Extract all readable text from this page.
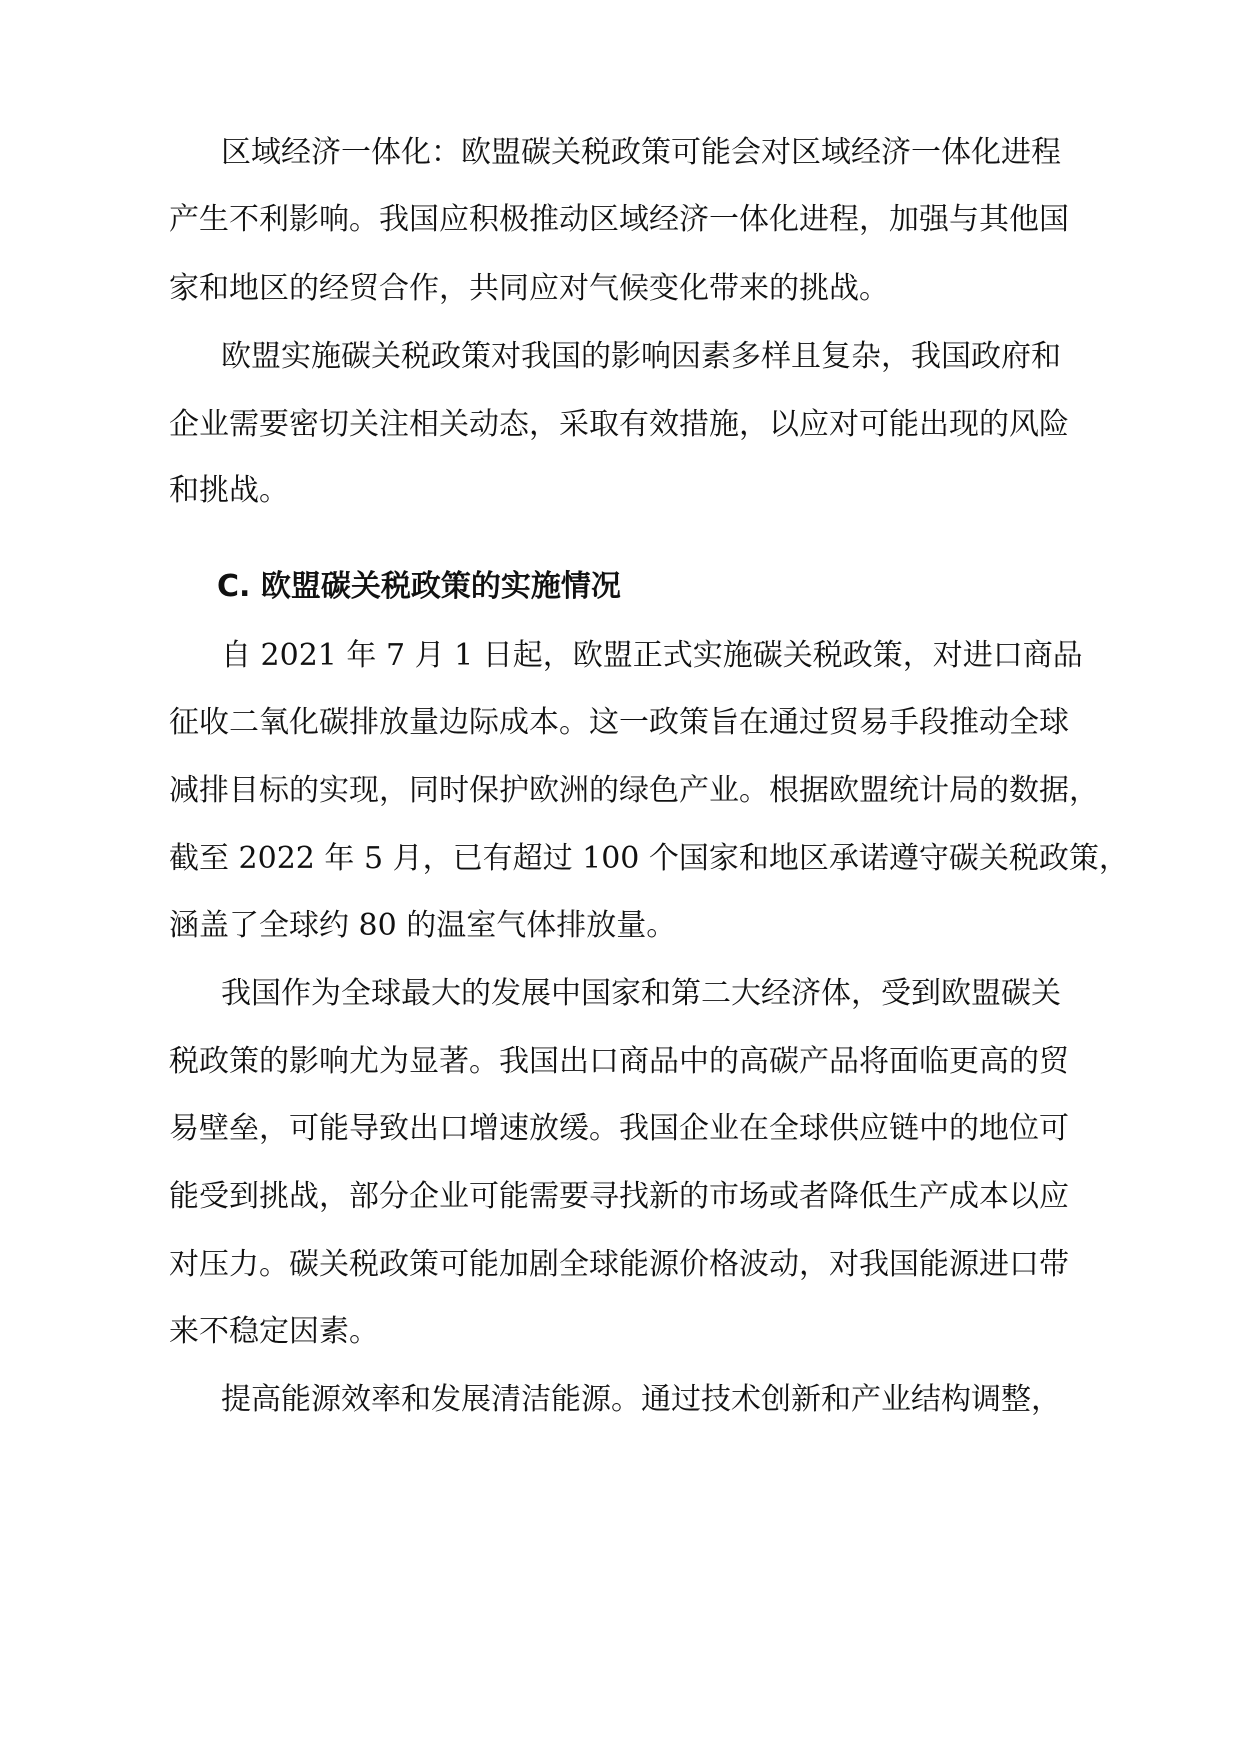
区域经济一体化：欧盟碳关税政策可能会对区域经济一体化进程
产生不利影响。我国应积极推动区域经济一体化进程，加强与其他国
家和地区的经贸合作，共同应对气候变化带来的挑战。
欧盟实施碳关税政策对我国的影响因素多样且复杂，我国政府和
企业需要密切关注相关动态，采取有效措施，以应对可能出现的风险
和挑战。
C. 欧盟碳关税政策的实施情况
自 2021 年 7 月 1 日起，欧盟正式实施碳关税政策，对进口商品
征收二氧化碳排放量边际成本。这一政策旨在通过贸易手段推动全球
减排目标的实现，同时保护欧洲的绿色产业。根据欧盟统计局的数据，
截至 2022 年 5 月，已有超过 100 个国家和地区承诺遵守碳关税政策，
涵盖了全球约 80 的温室气体排放量。
我国作为全球最大的发展中国家和第二大经济体，受到欧盟碳关
税政策的影响尤为显著。我国出口商品中的高碳产品将面临更高的贸
易壁垒，可能导致出口增速放缓。我国企业在全球供应链中的地位可
能受到挑战，部分企业可能需要寻找新的市场或者降低生产成本以应
对压力。碳关税政策可能加剧全球能源价格波动，对我国能源进口带
来不稳定因素。
提高能源效率和发展清洁能源。通过技术创新和产业结构调整，
